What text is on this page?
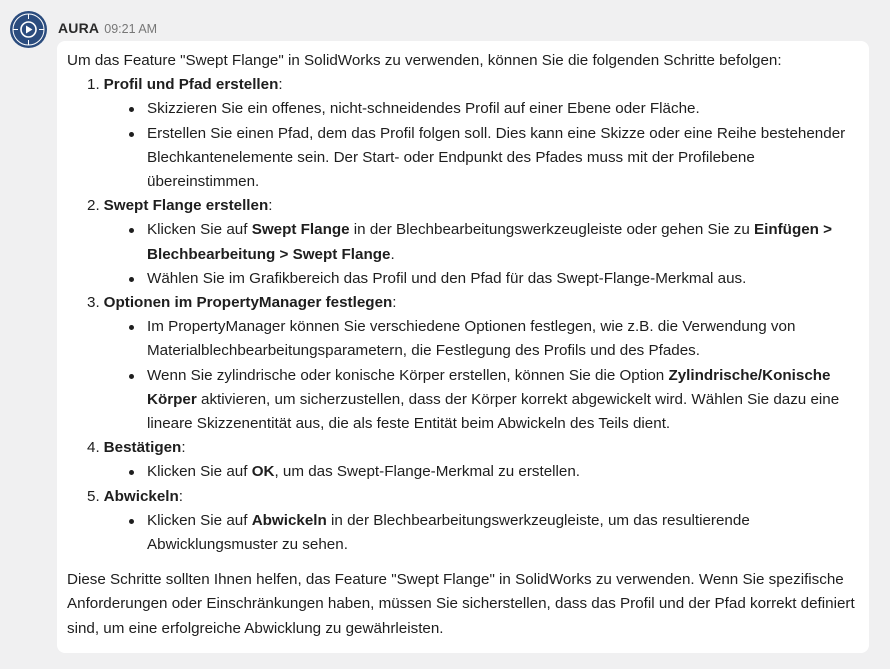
AURA 09:21 AM

Um das Feature "Swept Flange" in SolidWorks zu verwenden, können Sie die folgenden Schritte befolgen:

1. Profil und Pfad erstellen:
Skizzieren Sie ein offenes, nicht-schneidendes Profil auf einer Ebene oder Fläche.
Erstellen Sie einen Pfad, dem das Profil folgen soll. Dies kann eine Skizze oder eine Reihe bestehender Blechkantenelemente sein. Der Start- oder Endpunkt des Pfades muss mit der Profilebene übereinstimmen.
2. Swept Flange erstellen:
Klicken Sie auf Swept Flange in der Blechbearbeitungswerkzeugleiste oder gehen Sie zu Einfügen > Blechbearbeitung > Swept Flange.
Wählen Sie im Grafikbereich das Profil und den Pfad für das Swept-Flange-Merkmal aus.
3. Optionen im PropertyManager festlegen:
Im PropertyManager können Sie verschiedene Optionen festlegen, wie z.B. die Verwendung von Materialblechbearbeitungsparametern, die Festlegung des Profils und des Pfades.
Wenn Sie zylindrische oder konische Körper erstellen, können Sie die Option Zylindrische/Konische Körper aktivieren, um sicherzustellen, dass der Körper korrekt abgewickelt wird. Wählen Sie dazu eine lineare Skizzenentität aus, die als feste Entität beim Abwickeln des Teils dient.
4. Bestätigen:
Klicken Sie auf OK, um das Swept-Flange-Merkmal zu erstellen.
5. Abwickeln:
Klicken Sie auf Abwickeln in der Blechbearbeitungswerkzeugleiste, um das resultierende Abwicklungsmuster zu sehen.

Diese Schritte sollten Ihnen helfen, das Feature "Swept Flange" in SolidWorks zu verwenden. Wenn Sie spezifische Anforderungen oder Einschränkungen haben, müssen Sie sicherstellen, dass das Profil und der Pfad korrekt definiert sind, um eine erfolgreiche Abwicklung zu gewährleisten.
